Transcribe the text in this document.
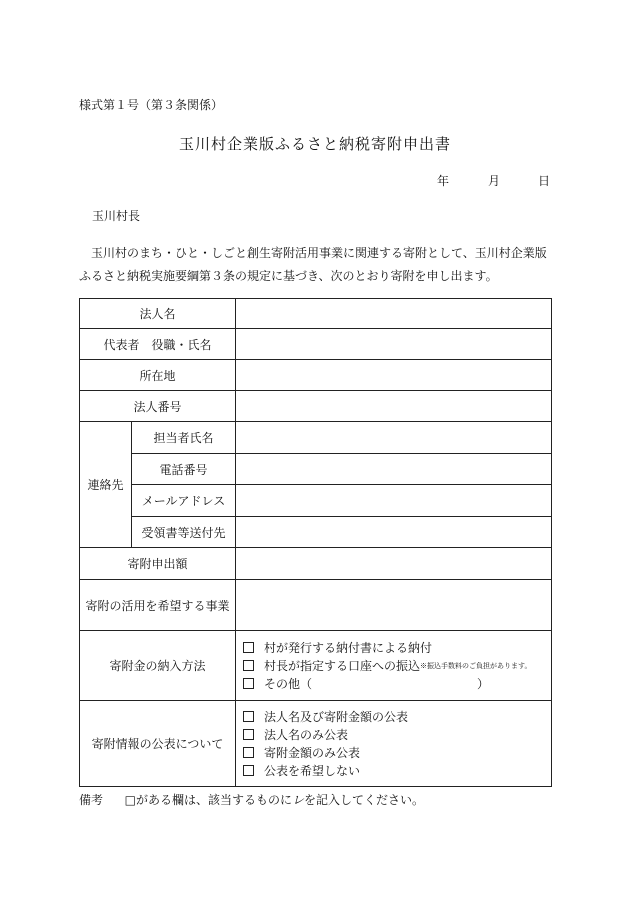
様式第１号（第３条関係）
玉川村企業版ふるさと納税寄附申出書
年	月	日
玉川村長
玉川村のまち・ひと・しごと創生寄附活用事業に関連する寄附として、玉川村企業版ふるさと納税実施要綱第３条の規定に基づき、次のとおり寄附を申し出ます。
法人名		
代表者　役職・氏名		
所在地		
法人番号		
連絡先	担当者氏名	
	電話番号	
	メールアドレス	
	受領書等送付先	
寄附申出額		
寄附の活用を希望する事業		
寄附金の納入方法		村が発行する納付書による納付
村長が指定する口座への振込 ※振込手数料のご負担があります。
その他（ ）

寄附情報の公表について		法人名及び寄附金額の公表
法人名のみ公表
寄附金額のみ公表
公表を希望しない
備考 □がある欄は、該当するものにレを記入してください。
